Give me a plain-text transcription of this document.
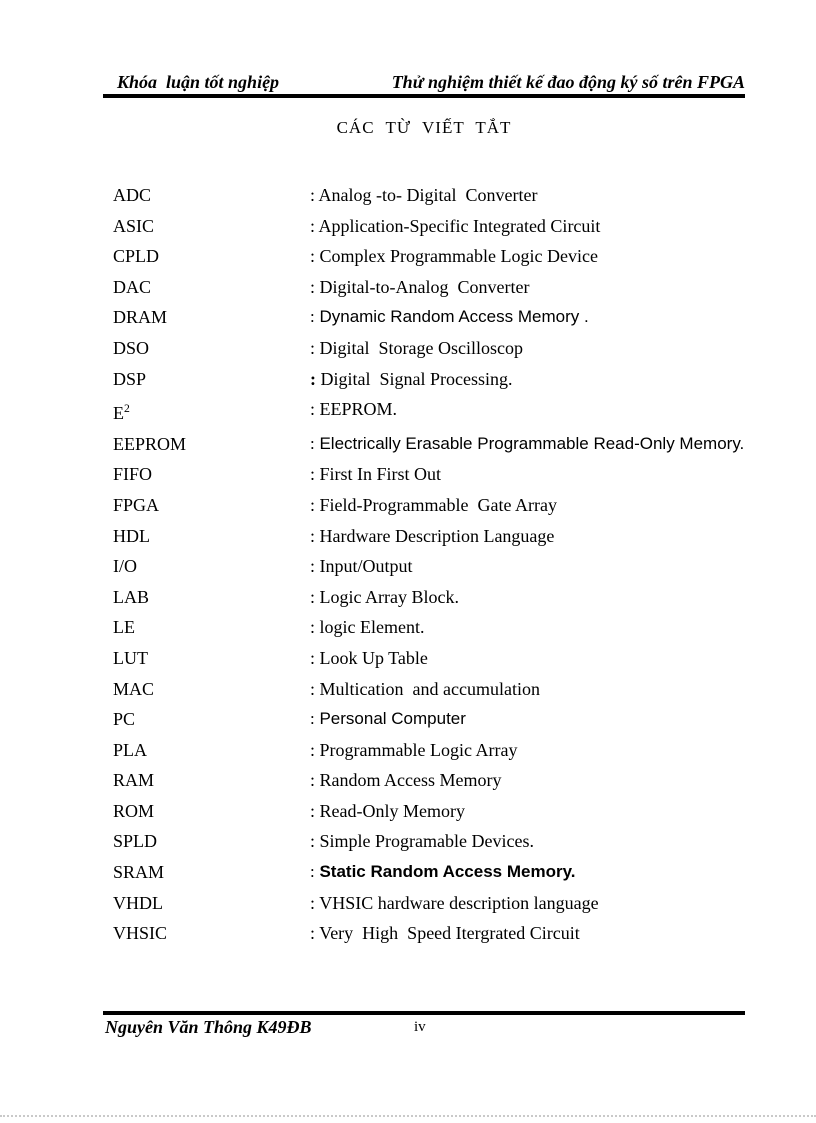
Khóa  luận tốt nghiệp	Thử nghiệm thiết kế đao động ký số trên FPGA
CÁC TỪ VIẾT TẮT
ADC	: Analog -to- Digital  Converter
ASIC	: Application-Specific Integrated Circuit
CPLD	: Complex Programmable Logic Device
DAC	: Digital-to-Analog  Converter
DRAM	: Dynamic Random Access Memory .
DSO	: Digital  Storage Oscilloscop
DSP	: Digital  Signal Processing.
$E^2$	: EEPROM.
EEPROM	: Electrically Erasable Programmable Read-Only Memory.
FIFO	: First In First Out
FPGA	: Field-Programmable  Gate Array
HDL	: Hardware Description Language
I/O	: Input/Output
LAB	: Logic Array Block.
LE	: logic Element.
LUT	: Look Up Table
MAC	: Multication  and accumulation
PC	: Personal Computer
PLA	: Programmable Logic Array
RAM	: Random Access Memory
ROM	: Read-Only Memory
SPLD	: Simple Programable Devices.
SRAM	: Static Random Access Memory.
VHDL	: VHSIC hardware description language
VHSIC	: Very  High  Speed Itergrated Circuit
Nguyên Văn Thông K49ĐB	iv
